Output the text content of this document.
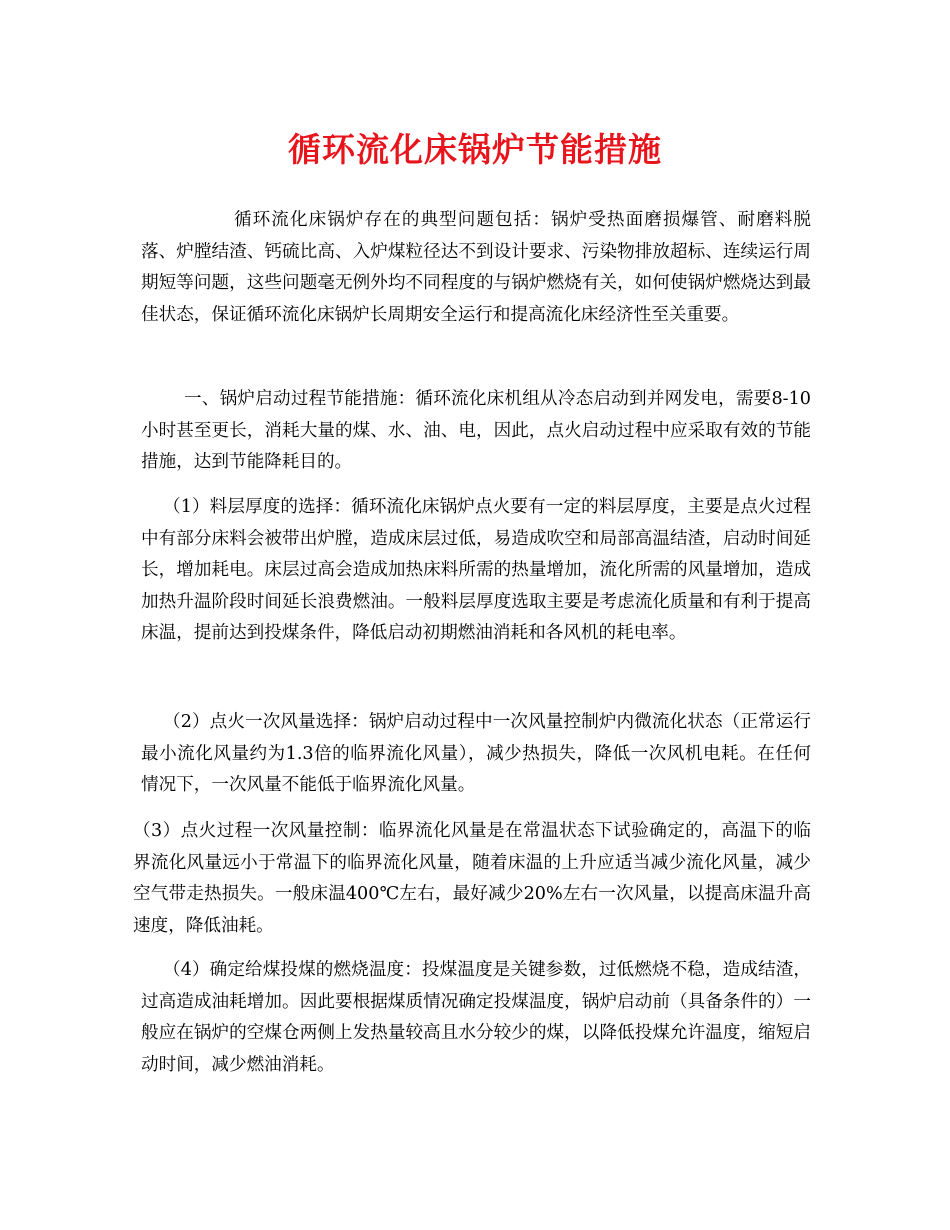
循环流化床锅炉节能措施

循环流化床锅炉存在的典型问题包括：锅炉受热面磨损爆管、耐磨料脱落、炉膛结渣、钙硫比高、入炉煤粒径达不到设计要求、污染物排放超标、连续运行周期短等问题，这些问题毫无例外均不同程度的与锅炉燃烧有关，如何使锅炉燃烧达到最佳状态，保证循环流化床锅炉长周期安全运行和提高流化床经济性至关重要。

一、锅炉启动过程节能措施：循环流化床机组从冷态启动到并网发电，需要8-10小时甚至更长，消耗大量的煤、水、油、电，因此，点火启动过程中应采取有效的节能措施，达到节能降耗目的。

（1）料层厚度的选择：循环流化床锅炉点火要有一定的料层厚度，主要是点火过程中有部分床料会被带出炉膛，造成床层过低，易造成吹空和局部高温结渣，启动时间延长，增加耗电。床层过高会造成加热床料所需的热量增加，流化所需的风量增加，造成加热升温阶段时间延长浪费燃油。一般料层厚度选取主要是考虑流化质量和有利于提高床温，提前达到投煤条件，降低启动初期燃油消耗和各风机的耗电率。

（2）点火一次风量选择：锅炉启动过程中一次风量控制炉内微流化状态（正常运行最小流化风量约为1.3倍的临界流化风量），减少热损失，降低一次风机电耗。在任何情况下，一次风量不能低于临界流化风量。

（3）点火过程一次风量控制：临界流化风量是在常温状态下试验确定的，高温下的临界流化风量远小于常温下的临界流化风量，随着床温的上升应适当减少流化风量，减少空气带走热损失。一般床温400℃左右，最好减少20%左右一次风量，以提高床温升高速度，降低油耗。

（4）确定给煤投煤的燃烧温度：投煤温度是关键参数，过低燃烧不稳，造成结渣，过高造成油耗增加。因此要根据煤质情况确定投煤温度，锅炉启动前（具备条件的）一般应在锅炉的空煤仓两侧上发热量较高且水分较少的煤，以降低投煤允许温度，缩短启动时间，减少燃油消耗。
